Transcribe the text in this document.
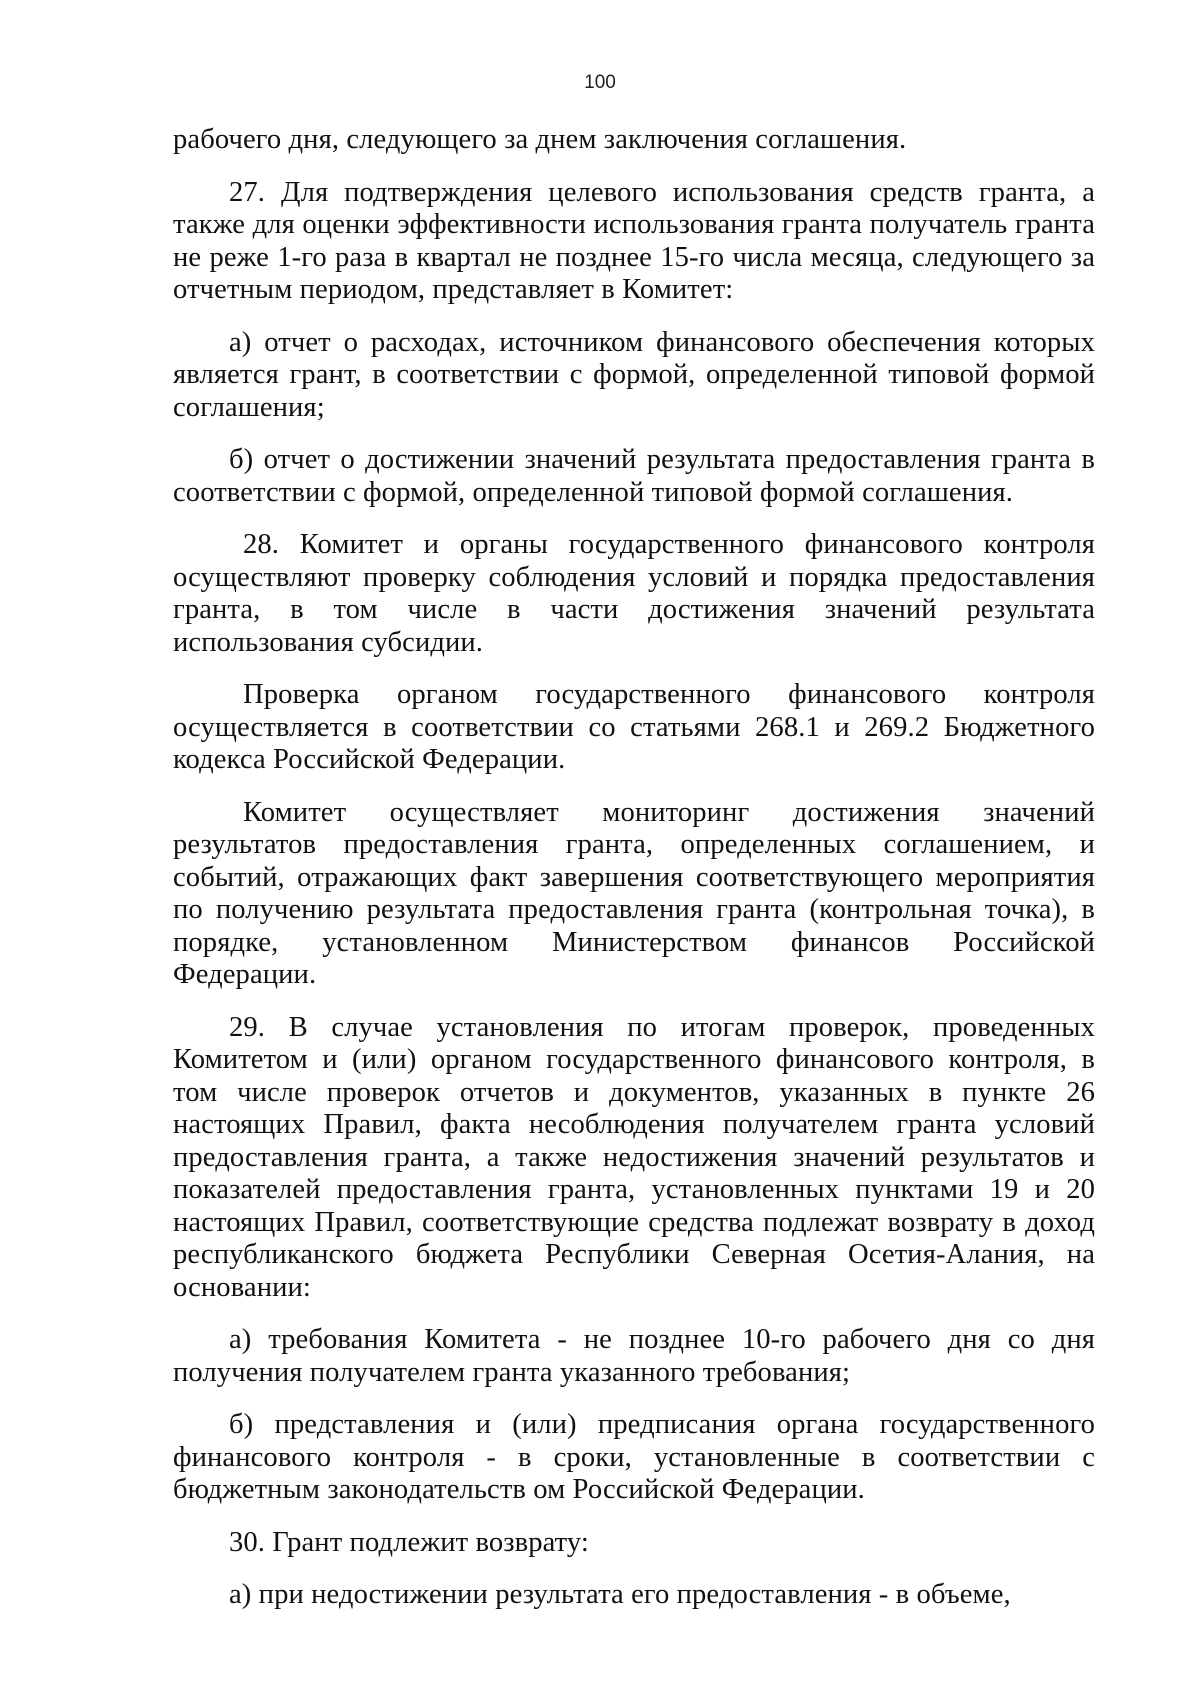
100

рабочего дня, следующего за днем заключения соглашения.

27. Для подтверждения целевого использования средств гранта, а также для оценки эффективности использования гранта получатель гранта не реже 1-го раза в квартал не позднее 15-го числа месяца, следующего за отчетным периодом, представляет в Комитет:

а) отчет о расходах, источником финансового обеспечения которых является грант, в соответствии с формой, определенной типовой формой соглашения;

б) отчет о достижении значений результата предоставления гранта в соответствии с формой, определенной типовой формой соглашения.

28. Комитет и органы государственного финансового контроля осуществляют проверку соблюдения условий и порядка предоставления гранта, в том числе в части достижения значений результата использования субсидии.

Проверка органом государственного финансового контроля осуществляется в соответствии со статьями 268.1 и 269.2 Бюджетного кодекса Российской Федерации.

Комитет осуществляет мониторинг достижения значений результатов предоставления гранта, определенных соглашением, и событий, отражающих факт завершения соответствующего мероприятия по получению результата предоставления гранта (контрольная точка), в порядке, установленном Министерством финансов Российской Федерации.

29. В случае установления по итогам проверок, проведенных Комитетом и (или) органом государственного финансового контроля, в том числе проверок отчетов и документов, указанных в пункте 26 настоящих Правил, факта несоблюдения получателем гранта условий предоставления гранта, а также недостижения значений результатов и показателей предоставления гранта, установленных пунктами 19 и 20 настоящих Правил, соответствующие средства подлежат возврату в доход республиканского бюджета Республики Северная Осетия-Алания, на основании:

а) требования Комитета - не позднее 10-го рабочего дня со дня получения получателем гранта указанного требования;

б) представления и (или) предписания органа государственного финансового контроля - в сроки, установленные в соответствии с бюджетным законодательств ом Российской Федерации.

30. Грант подлежит возврату:

а) при недостижении результата его предоставления - в объеме,
